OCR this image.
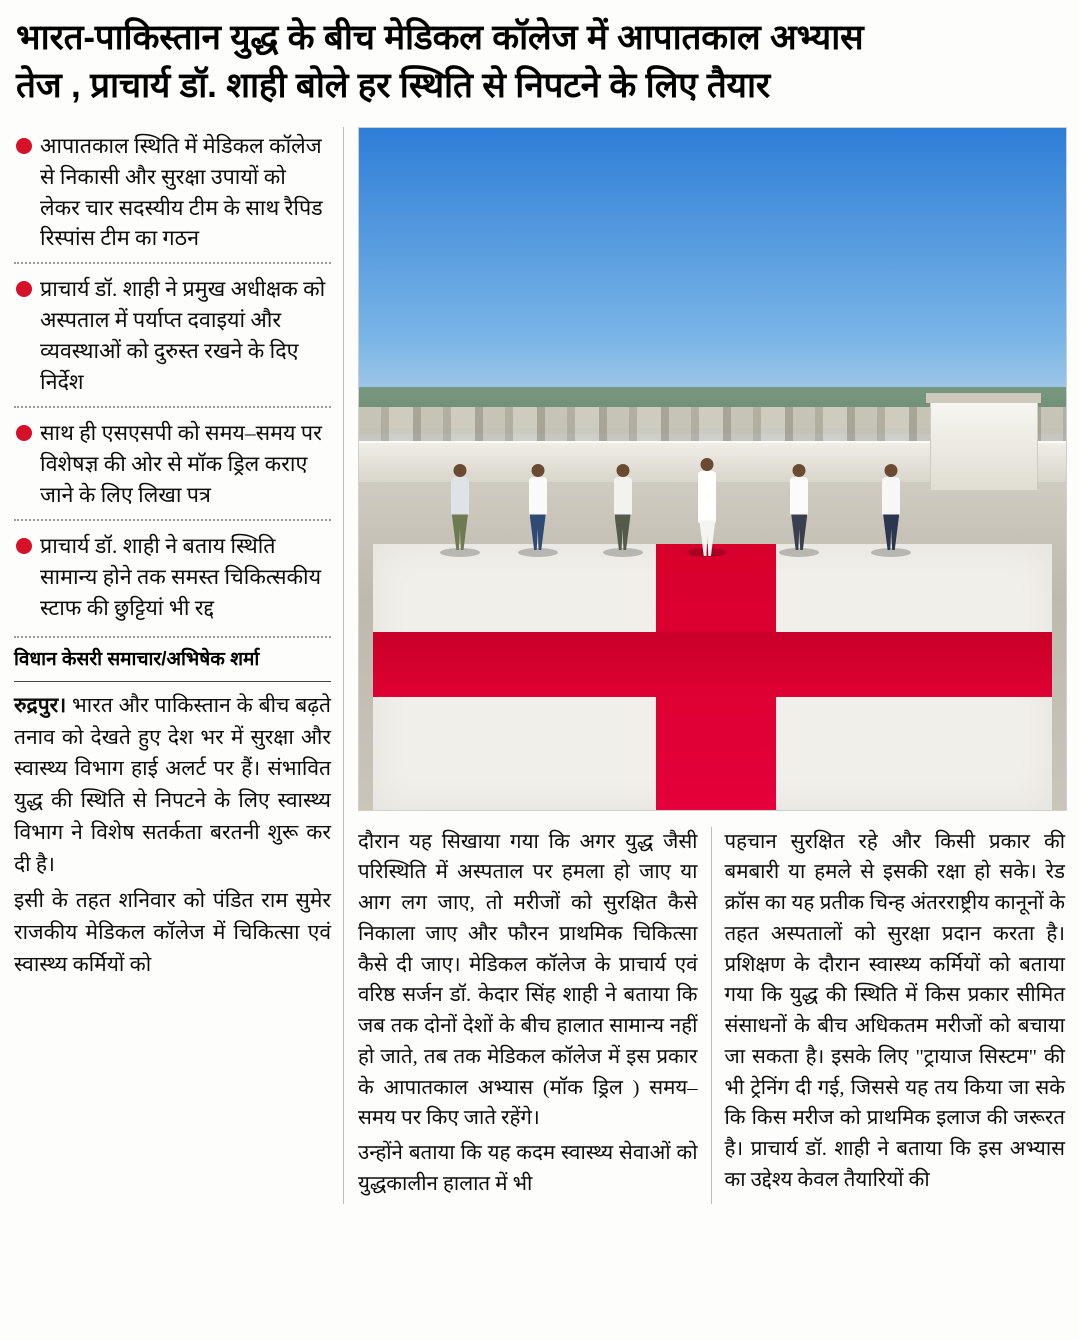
भारत-पाकिस्तान युद्ध के बीच मेडिकल कॉलेज में आपातकाल अभ्यास
तेज , प्राचार्य डॉ. शाही बोले हर स्थिति से निपटने के लिए तैयार
आपातकाल स्थिति में मेडिकल कॉलेज से निकासी और सुरक्षा उपायों को लेकर चार सदस्यीय टीम के साथ रैपिड रिस्पांस टीम का गठन
प्राचार्य डॉ. शाही ने प्रमुख अधीक्षक को अस्पताल में पर्याप्त दवाइयां और व्यवस्थाओं को दुरुस्त रखने के दिए निर्देश
साथ ही एसएसपी को समय–समय पर विशेषज्ञ की ओर से मॉक ड्रिल कराए जाने के लिए लिखा पत्र
प्राचार्य डॉ. शाही ने बताय स्थिति सामान्य होने तक समस्त चिकित्सकीय स्टाफ की छुट्टियां भी रद्द
विधान केसरी समाचार/अभिषेक शर्मा

रुद्रपुर। भारत और पाकिस्तान के बीच बढ़ते तनाव को देखते हुए देश भर में सुरक्षा और स्वास्थ्य विभाग हाई अलर्ट पर हैं। संभावित युद्ध की स्थिति से निपटने के लिए स्वास्थ्य विभाग ने विशेष सतर्कता बरतनी शुरू कर दी है।

इसी के तहत शनिवार को पंडित राम सुमेर राजकीय मेडिकल कॉलेज में चिकित्सा एवं स्वास्थ्य कर्मियों को

दौरान यह सिखाया गया कि अगर युद्ध जैसी परिस्थिति में अस्पताल पर हमला हो जाए या आग लग जाए, तो मरीजों को सुरक्षित कैसे निकाला जाए और फौरन प्राथमिक चिकित्सा कैसे दी जाए। मेडिकल कॉलेज के प्राचार्य एवं वरिष्ठ सर्जन डॉ. केदार सिंह शाही ने बताया कि जब तक दोनों देशों के बीच हालात सामान्य नहीं हो जाते, तब तक मेडिकल कॉलेज में इस प्रकार के आपातकाल अभ्यास (मॉक ड्रिल ) समय–समय पर किए जाते रहेंगे।

उन्होंने बताया कि यह कदम स्वास्थ्य सेवाओं को युद्धकालीन हालात में भी

पहचान सुरक्षित रहे और किसी प्रकार की बमबारी या हमले से इसकी रक्षा हो सके। रेड क्रॉस का यह प्रतीक चिन्ह अंतरराष्ट्रीय कानूनों के तहत अस्पतालों को सुरक्षा प्रदान करता है। प्रशिक्षण के दौरान स्वास्थ्य कर्मियों को बताया गया कि युद्ध की स्थिति में किस प्रकार सीमित संसाधनों के बीच अधिकतम मरीजों को बचाया जा सकता है। इसके लिए "ट्रायाज सिस्टम" की भी ट्रेनिंग दी गई, जिससे यह तय किया जा सके कि किस मरीज को प्राथमिक इलाज की जरूरत है। प्राचार्य डॉ. शाही ने बताया कि इस अभ्यास का उद्देश्य केवल तैयारियों की
